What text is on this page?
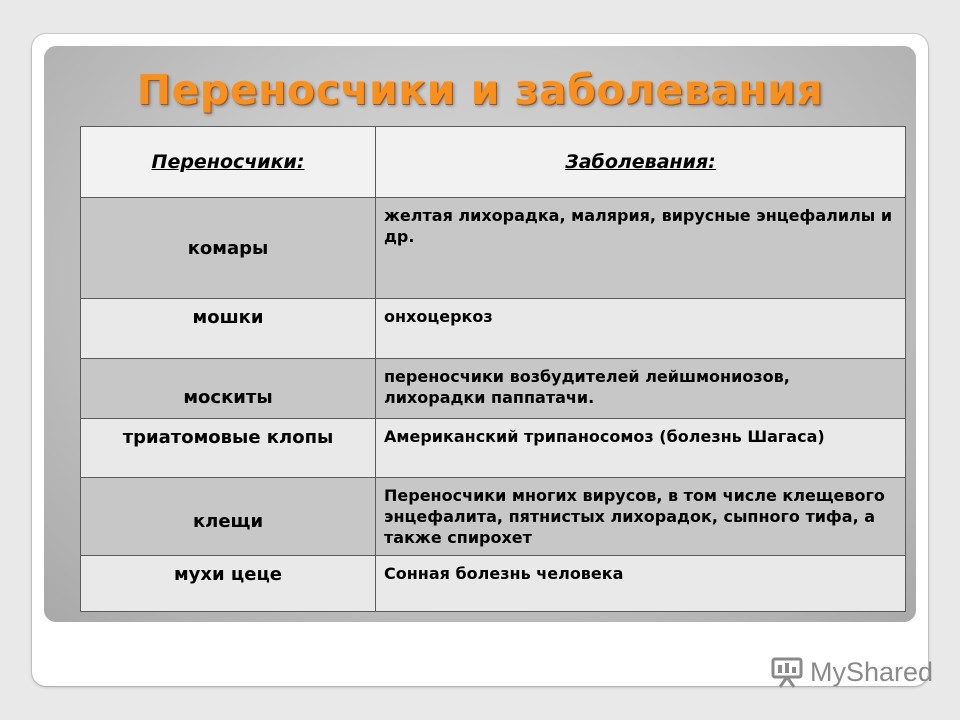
Переносчики и заболевания
Переносчики:	Заболевания:
комары	желтая лихорадка, малярия, вирусные энцефалилы и др.
мошки	онхоцеркоз
москиты	переносчики возбудителей лейшмониозов, лихорадки паппатачи.
триатомовые клопы	Американский трипаносомоз (болезнь Шагаса)
клещи	Переносчики многих вирусов, в том числе клещевого энцефалита, пятнистых лихорадок, сыпного тифа, а также спирохет
мухи цеце	Сонная болезнь человека
MyShared
